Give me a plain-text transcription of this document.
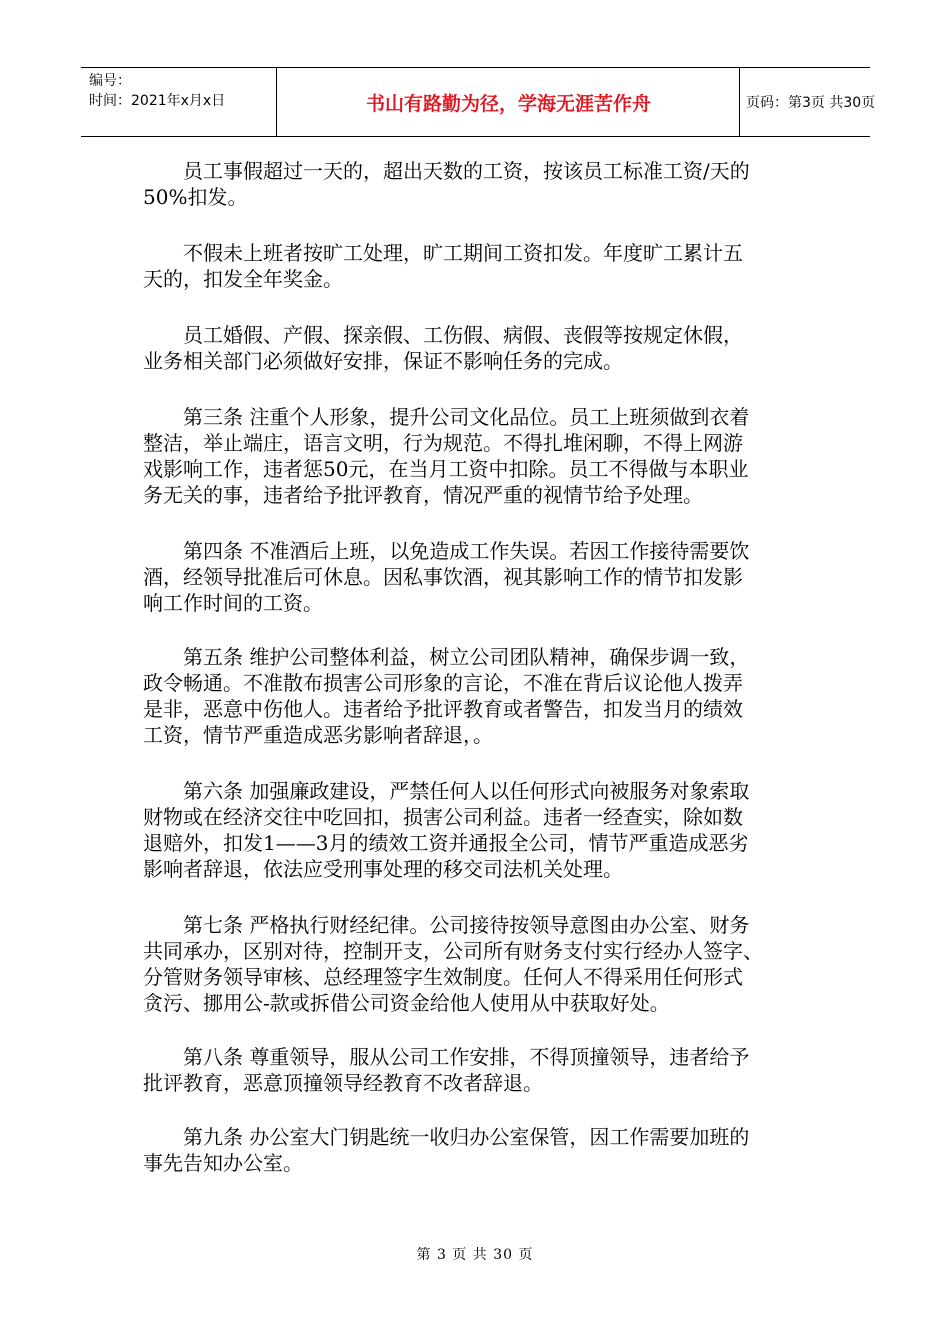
编号：
时间：2021年x月x日	书山有路勤为径，学海无涯苦作舟	页码：第3页 共30页
员工事假超过一天的，超出天数的工资，按该员工标准工资/天的
50%扣发。
不假未上班者按旷工处理，旷工期间工资扣发。年度旷工累计五
天的，扣发全年奖金。
员工婚假、产假、探亲假、工伤假、病假、丧假等按规定休假，
业务相关部门必须做好安排，保证不影响任务的完成。
第三条 注重个人形象，提升公司文化品位。员工上班须做到衣着
整洁，举止端庄，语言文明，行为规范。不得扎堆闲聊，不得上网游
戏影响工作，违者惩50元，在当月工资中扣除。员工不得做与本职业
务无关的事，违者给予批评教育，情况严重的视情节给予处理。
第四条 不准酒后上班，以免造成工作失误。若因工作接待需要饮
酒，经领导批准后可休息。因私事饮酒，视其影响工作的情节扣发影
响工作时间的工资。
第五条 维护公司整体利益，树立公司团队精神，确保步调一致，
政令畅通。不准散布损害公司形象的言论，不准在背后议论他人拨弄
是非，恶意中伤他人。违者给予批评教育或者警告，扣发当月的绩效
工资，情节严重造成恶劣影响者辞退，。
第六条 加强廉政建设，严禁任何人以任何形式向被服务对象索取
财物或在经济交往中吃回扣，损害公司利益。违者一经查实，除如数
退赔外，扣发1——3月的绩效工资并通报全公司，情节严重造成恶劣
影响者辞退，依法应受刑事处理的移交司法机关处理。
第七条 严格执行财经纪律。公司接待按领导意图由办公室、财务
共同承办，区别对待，控制开支，公司所有财务支付实行经办人签字、
分管财务领导审核、总经理签字生效制度。任何人不得采用任何形式
贪污、挪用公-款或拆借公司资金给他人使用从中获取好处。
第八条 尊重领导，服从公司工作安排，不得顶撞领导，违者给予
批评教育，恶意顶撞领导经教育不改者辞退。
第九条 办公室大门钥匙统一收归办公室保管，因工作需要加班的
事先告知办公室。
第 3 页 共 30 页
